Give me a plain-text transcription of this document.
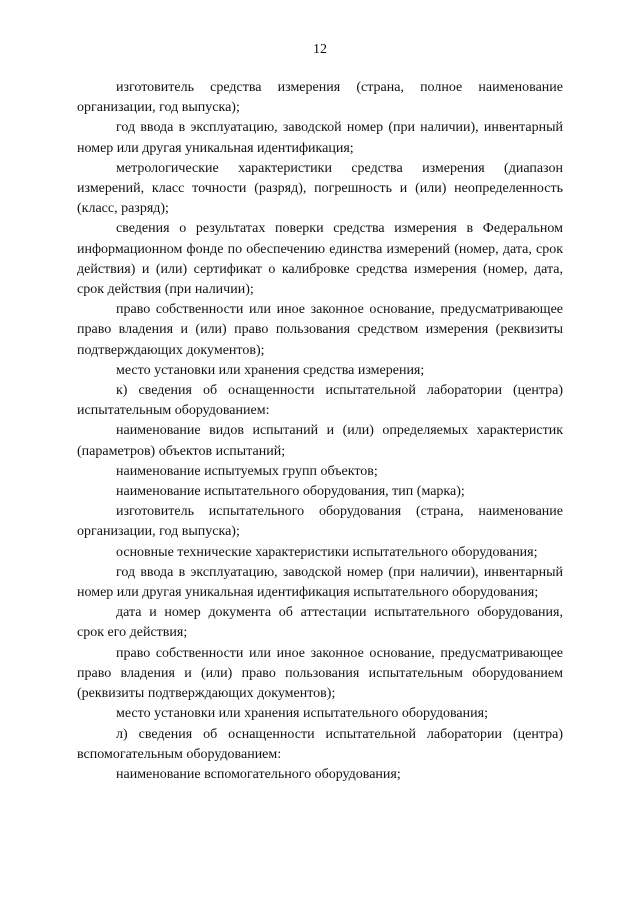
12

изготовитель средства измерения (страна, полное наименование организации, год выпуска);

год ввода в эксплуатацию, заводской номер (при наличии), инвентарный номер или другая уникальная идентификация;

метрологические характеристики средства измерения (диапазон измерений, класс точности (разряд), погрешность и (или) неопределенность (класс, разряд);

сведения о результатах поверки средства измерения в Федеральном информационном фонде по обеспечению единства измерений (номер, дата, срок действия) и (или) сертификат о калибровке средства измерения (номер, дата, срок действия (при наличии);

право собственности или иное законное основание, предусматривающее право владения и (или) право пользования средством измерения (реквизиты подтверждающих документов);

место установки или хранения средства измерения;

к) сведения об оснащенности испытательной лаборатории (центра) испытательным оборудованием:

наименование видов испытаний и (или) определяемых характеристик (параметров) объектов испытаний;

наименование испытуемых групп объектов;

наименование испытательного оборудования, тип (марка);

изготовитель испытательного оборудования (страна, наименование организации, год выпуска);

основные технические характеристики испытательного оборудования;

год ввода в эксплуатацию, заводской номер (при наличии), инвентарный номер или другая уникальная идентификация испытательного оборудования;

дата и номер документа об аттестации испытательного оборудования, срок его действия;

право собственности или иное законное основание, предусматривающее право владения и (или) право пользования испытательным оборудованием (реквизиты подтверждающих документов);

место установки или хранения испытательного оборудования;

л) сведения об оснащенности испытательной лаборатории (центра) вспомогательным оборудованием:

наименование вспомогательного оборудования;
